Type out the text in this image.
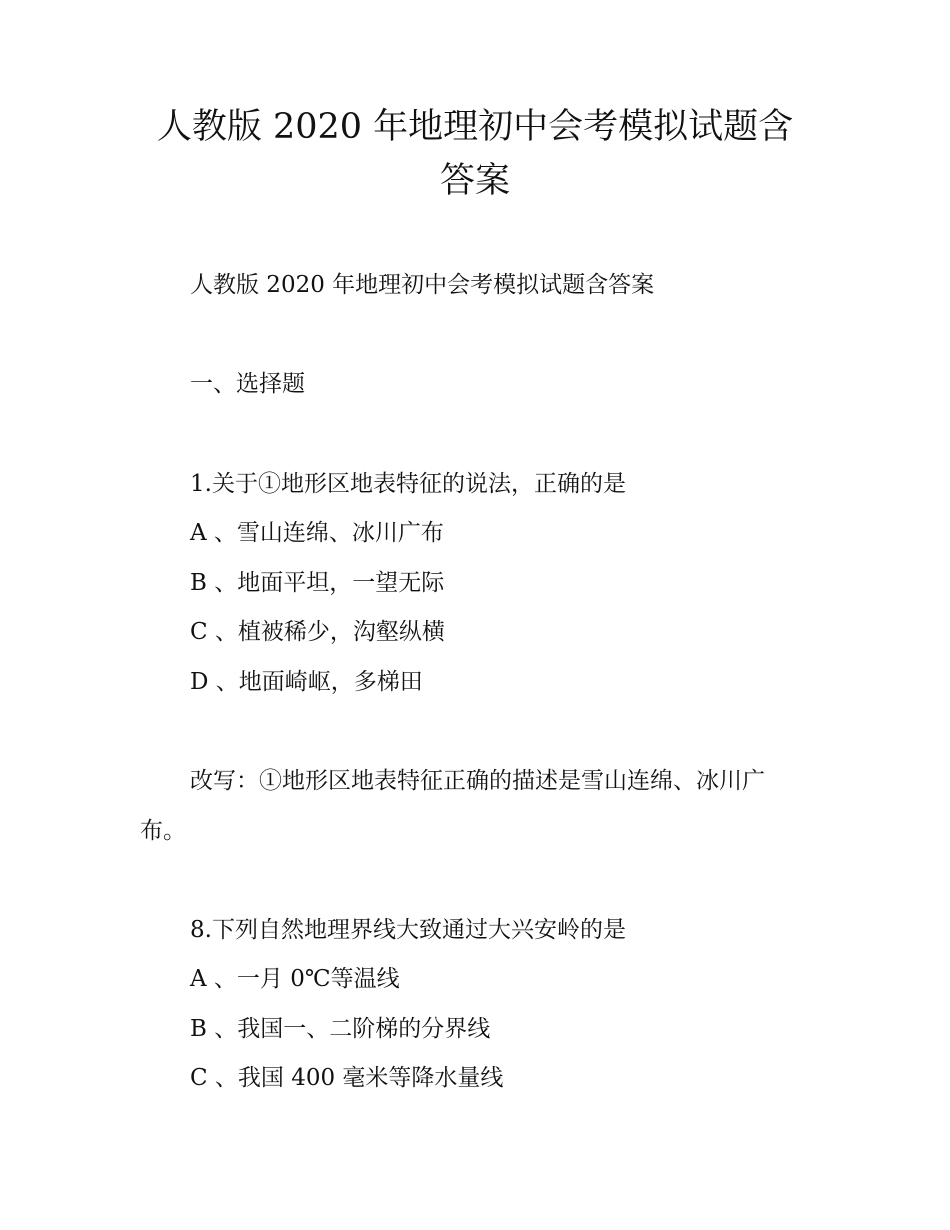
人教版 2020 年地理初中会考模拟试题含
答案

人教版 2020 年地理初中会考模拟试题含答案

一、选择题

1.关于①地形区地表特征的说法，正确的是

A 、雪山连绵、冰川广布

B 、地面平坦，一望无际

C 、植被稀少，沟壑纵横

D 、地面崎岖，多梯田

改写：①地形区地表特征正确的描述是雪山连绵、冰川广布。

8.下列自然地理界线大致通过大兴安岭的是

A 、一月 0℃等温线

B 、我国一、二阶梯的分界线

C 、我国 400 毫米等降水量线
